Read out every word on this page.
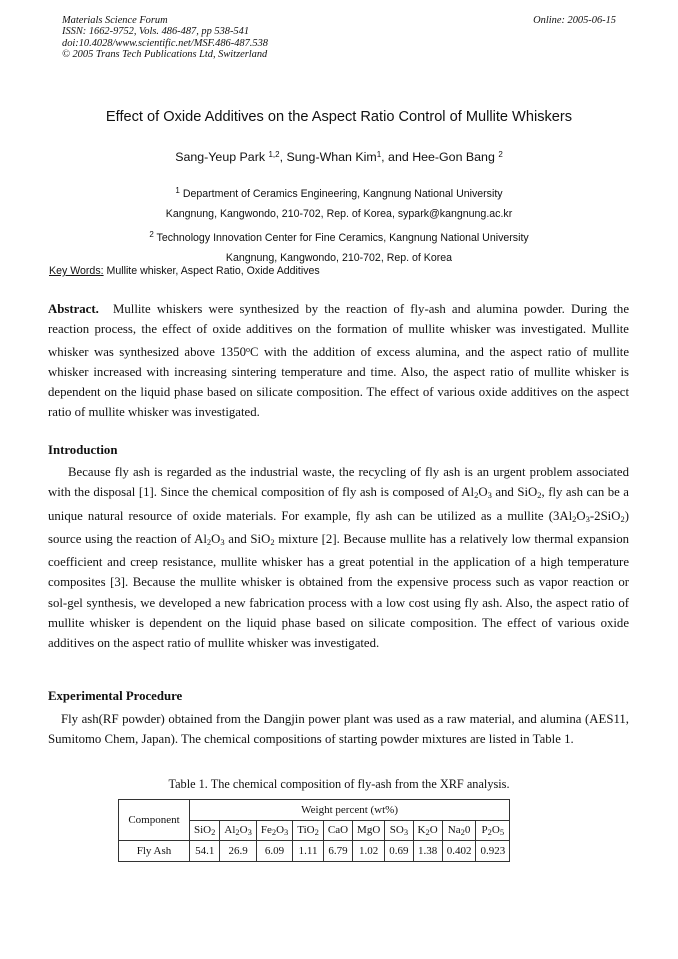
Materials Science Forum
ISSN: 1662-9752, Vols. 486-487, pp 538-541
doi:10.4028/www.scientific.net/MSF.486-487.538
© 2005 Trans Tech Publications Ltd, Switzerland
Online: 2005-06-15
Effect of Oxide Additives on the Aspect Ratio Control of Mullite Whiskers
Sang-Yeup Park $^{1,2}$, Sung-Whan Kim$^1$, and Hee-Gon Bang $^2$
$^1$ Department of Ceramics Engineering, Kangnung National University
Kangnung, Kangwondo, 210-702, Rep. of Korea, sypark@kangnung.ac.kr
$^2$ Technology Innovation Center for Fine Ceramics, Kangnung National University
Kangnung, Kangwondo, 210-702, Rep. of Korea
Key Words: Mullite whisker, Aspect Ratio, Oxide Additives
Abstract. Mullite whiskers were synthesized by the reaction of fly-ash and alumina powder. During the reaction process, the effect of oxide additives on the formation of mullite whisker was investigated. Mullite whisker was synthesized above 1350$^o$C with the addition of excess alumina, and the aspect ratio of mullite whisker increased with increasing sintering temperature and time. Also, the aspect ratio of mullite whisker is dependent on the liquid phase based on silicate composition. The effect of various oxide additives on the aspect ratio of mullite whisker was investigated.
Introduction
Because fly ash is regarded as the industrial waste, the recycling of fly ash is an urgent problem associated with the disposal [1]. Since the chemical composition of fly ash is composed of $Al_2O_3$ and SiO$_2$, fly ash can be a unique natural resource of oxide materials. For example, fly ash can be utilized as a mullite $(3Al_2O_3-2SiO_2)$ source using the reaction of $Al_2O_3$ and SiO$_2$ mixture [2]. Because mullite has a relatively low thermal expansion coefficient and creep resistance, mullite whisker has a great potential in the application of a high temperature composites [3]. Because the mullite whisker is obtained from the expensive process such as vapor reaction or sol-gel synthesis, we developed a new fabrication process with a low cost using fly ash. Also, the aspect ratio of mullite whisker is dependent on the liquid phase based on silicate composition. The effect of various oxide additives on the aspect ratio of mullite whisker was investigated.
Experimental Procedure
Fly ash(RF powder) obtained from the Dangjin power plant was used as a raw material, and alumina (AES11, Sumitomo Chem, Japan). The chemical compositions of starting powder mixtures are listed in Table 1.
Table 1. The chemical composition of fly-ash from the XRF analysis.
Component	Weight percent (wt%)									
	SiO$_2$	$Al_2O_3$	$Fe_2O_3$	TiO$_2$	CaO	MgO	$SO_3$	$K_2O$	$Na_20$	$P_2O_5$
Fly Ash	54.1	26.9	6.09	1.11	6.79	1.02	0.69	1.38	0.402	0.923
